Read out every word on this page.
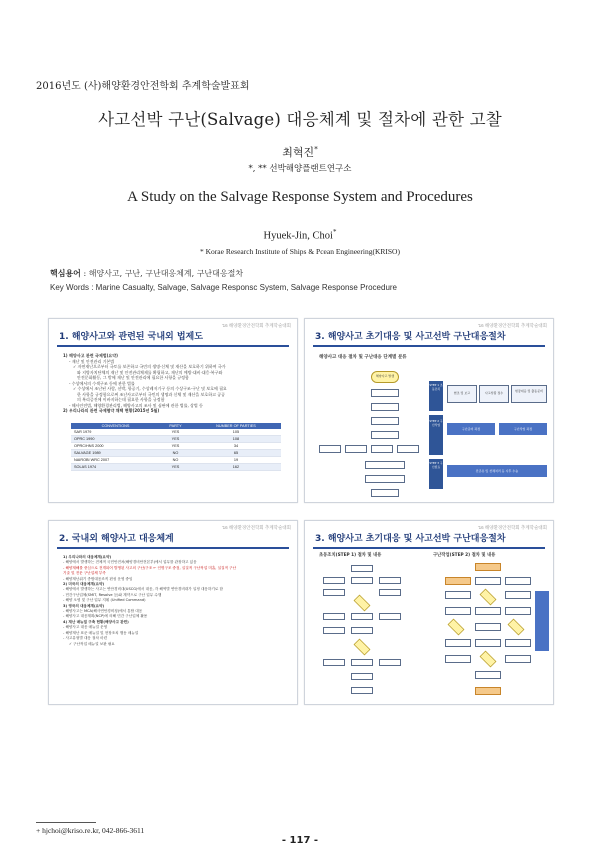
2016년도 (사)해양환경안전학회 추계학술발표회
사고선박 구난(Salvage) 대응체계 및 절차에 관한 고찰
최혁진*
*, ** 선박해양플랜트연구소
A Study on the Salvage Response System and Procedures
Hyuek-Jin, Choi*
* Korae Research Institute of Ships & Pcean Engineering(KRISO)
핵심용어 : 해양사고, 구난, 구난대응체계, 구난대응절차
Key Words : Marine Casualty, Salvage, Salvage Responsc System, Salvage Response Procedure
'16 해양환경안전학회 추계학술대회
1. 해양사고와 관련된 국내외 법제도
1) 해양사고 관련 국제법(요약)
- 재난 및 안전관리 기본법
✓ 자연재난으로부터 국토를 보존하고 국민의 생명·신체 및 재산을 보호하기 위하여 국가
와 지방자치단체의 재난 및 안전관리체제를 확립하고, 재난의 예방·대비·대응·복구와
안전문화활동, 그 밖에 재난 및 안전관리에 필요한 사항을 규정함
- 수상에서의 수색구조 등에 관한 법률
✓ 수상에서 조난된 사람, 선박, 항공기, 수상레저기구 등의 수상구조·구난 및 보호에 필요
한 사항을 규정함으로써 조난사고로부터 국민의 생명과 신체 및 재산을 보호하고 공공
의 복리증진에 이바지하는데 필요한 사항을 규정함
- 해사안전법, 해양환경관리법, 해양사고의 조사 및 심판에 관한 법률, 상법 등
2) 우리나라의 관련 국제협약 채택 현황(2015년 5월)
CONVENTIONS	PARTY	NUMBER OF PARTIES
SAR 1979	YES	105
OPRC 1990	YES	108
OPRC/HNS 2000	YES	34
SALVAGE 1989	NO	65
NAIROBI WRC 2007	NO	19
SOLAS 1974	YES	162
'16 해양환경안전학회 추계학술대회
3. 해양사고 초기대응 및 사고선박 구난대응절차
해양사고 대응 절차 및 구난대응 단계별 분류
해양사고 발생
STEP 1 초동조치
STEP 2 구난작업
STEP 3 구난종료
협조 및 보고	사고상황 접수	현장대응 및 출동준비
구난준비 과정	구난작업 과정
잔존유 및 선체처리 등 사후 수습
'16 해양환경안전학회 추계학술대회
2. 국내외 해양사고 대응체계
1) 우리나라의 대응체계(요약)
- 해양에서 발생하는 전체적 국민안전처(해양경비안전본부)에서 업무를 관장하고 있음
- 해양재해를 중심으로 전개되어 발생된 사고의 구난/구조 ← 인명구조 중점, 실질적 구난작업 미흡, 실질적 구난
기술 및 전문 구난업체 부족
- 해양재난위기 종합대응조직 편성 운영 중임
2) 미국의 대응체계(요약)
- 해양에서 발생하는 사고는 연안경비대(USCG)에서 대응, 각 해역별 연안경비대가 일정 대응하기로 함
- 민간구난업체(SMIT, Resolve 등)와 계약으로 구난 업무 수행
- 해양 오염 및 구난 업무 지휘 (Unified Command)
3) 영국의 대응체계(요약)
- 해양사고는 MCA(해사연안경비청)에서 통합 대응
- 해양사고 대응계획(NCP)에 의해 민간 구난업체 활용
4) 재난 매뉴얼 구축 현황(해양사고 관련)
- 해양사고 대응 매뉴얼 운영
- 해양재난 표준 매뉴얼 및 현장조치 행동 매뉴얼
- 사고유형별 대응 절차 마련
✓ 구난작업 매뉴얼 보완 필요
'16 해양환경안전학회 추계학술대회
3. 해양사고 초기대응 및 사고선박 구난대응절차
초동조치(STEP 1) 절차 및 내용	구난작업(STEP 2) 절차 및 내용
+ hjchoi@kriso.re.kr, 042-866-3611
- 117 -
